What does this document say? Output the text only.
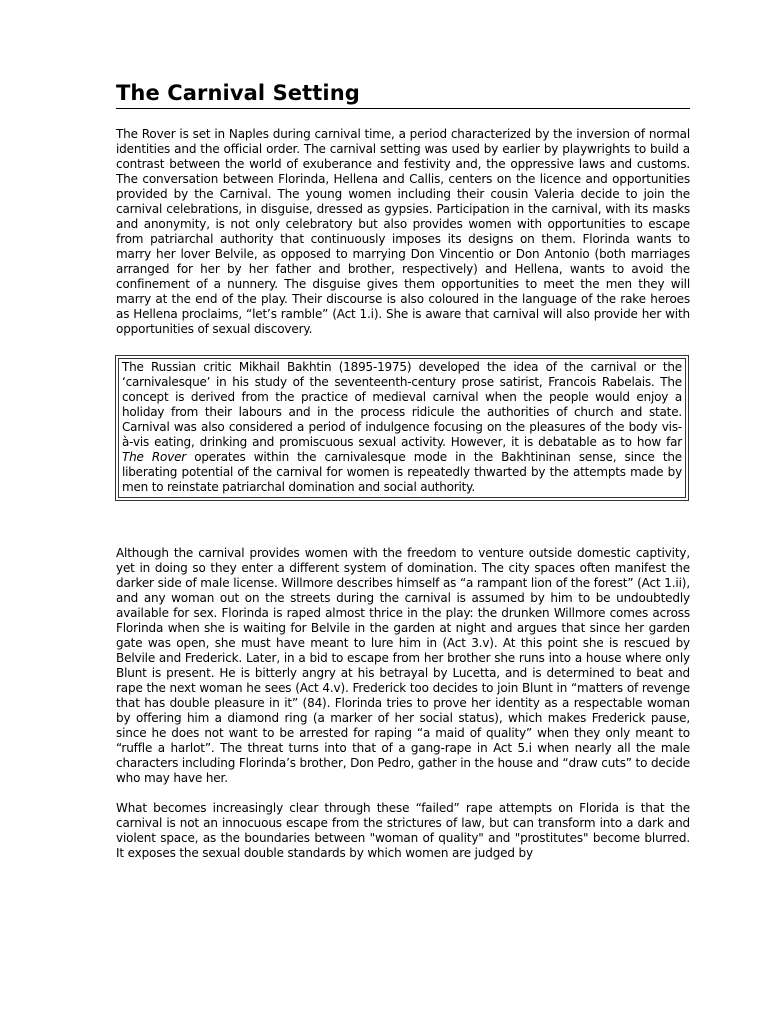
The Carnival Setting

The Rover is set in Naples during carnival time, a period characterized by the inversion of normal identities and the official order. The carnival setting was used by earlier by playwrights to build a contrast between the world of exuberance and festivity and, the oppressive laws and customs. The conversation between Florinda, Hellena and Callis, centers on the licence and opportunities provided by the Carnival. The young women including their cousin Valeria decide to join the carnival celebrations, in disguise, dressed as gypsies. Participation in the carnival, with its masks and anonymity, is not only celebratory but also provides women with opportunities to escape from patriarchal authority that continuously imposes its designs on them. Florinda wants to marry her lover Belvile, as opposed to marrying Don Vincentio or Don Antonio (both marriages arranged for her by her father and brother, respectively) and Hellena, wants to avoid the confinement of a nunnery. The disguise gives them opportunities to meet the men they will marry at the end of the play. Their discourse is also coloured in the language of the rake heroes as Hellena proclaims, “let’s ramble” (Act 1.i). She is aware that carnival will also provide her with opportunities of sexual discovery.

The Russian critic Mikhail Bakhtin (1895-1975) developed the idea of the carnival or the ‘carnivalesque’ in his study of the seventeenth-century prose satirist, Francois Rabelais. The concept is derived from the practice of medieval carnival when the people would enjoy a holiday from their labours and in the process ridicule the authorities of church and state. Carnival was also considered a period of indulgence focusing on the pleasures of the body vis-à-vis eating, drinking and promiscuous sexual activity. However, it is debatable as to how far The Rover operates within the carnivalesque mode in the Bakhtininan sense, since the liberating potential of the carnival for women is repeatedly thwarted by the attempts made by men to reinstate patriarchal domination and social authority.

Although the carnival provides women with the freedom to venture outside domestic captivity, yet in doing so they enter a different system of domination. The city spaces often manifest the darker side of male license. Willmore describes himself as “a rampant lion of the forest” (Act 1.ii), and any woman out on the streets during the carnival is assumed by him to be undoubtedly available for sex. Florinda is raped almost thrice in the play: the drunken Willmore comes across Florinda when she is waiting for Belvile in the garden at night and argues that since her garden gate was open, she must have meant to lure him in (Act 3.v). At this point she is rescued by Belvile and Frederick. Later, in a bid to escape from her brother she runs into a house where only Blunt is present. He is bitterly angry at his betrayal by Lucetta, and is determined to beat and rape the next woman he sees (Act 4.v). Frederick too decides to join Blunt in “matters of revenge that has double pleasure in it” (84). Florinda tries to prove her identity as a respectable woman by offering him a diamond ring (a marker of her social status), which makes Frederick pause, since he does not want to be arrested for raping “a maid of quality” when they only meant to “ruffle a harlot”. The threat turns into that of a gang-rape in Act 5.i when nearly all the male characters including Florinda’s brother, Don Pedro, gather in the house and “draw cuts” to decide who may have her.

What becomes increasingly clear through these “failed” rape attempts on Florida is that the carnival is not an innocuous escape from the strictures of law, but can transform into a dark and violent space, as the boundaries between "woman of quality" and "prostitutes" become blurred. It exposes the sexual double standards by which women are judged by
